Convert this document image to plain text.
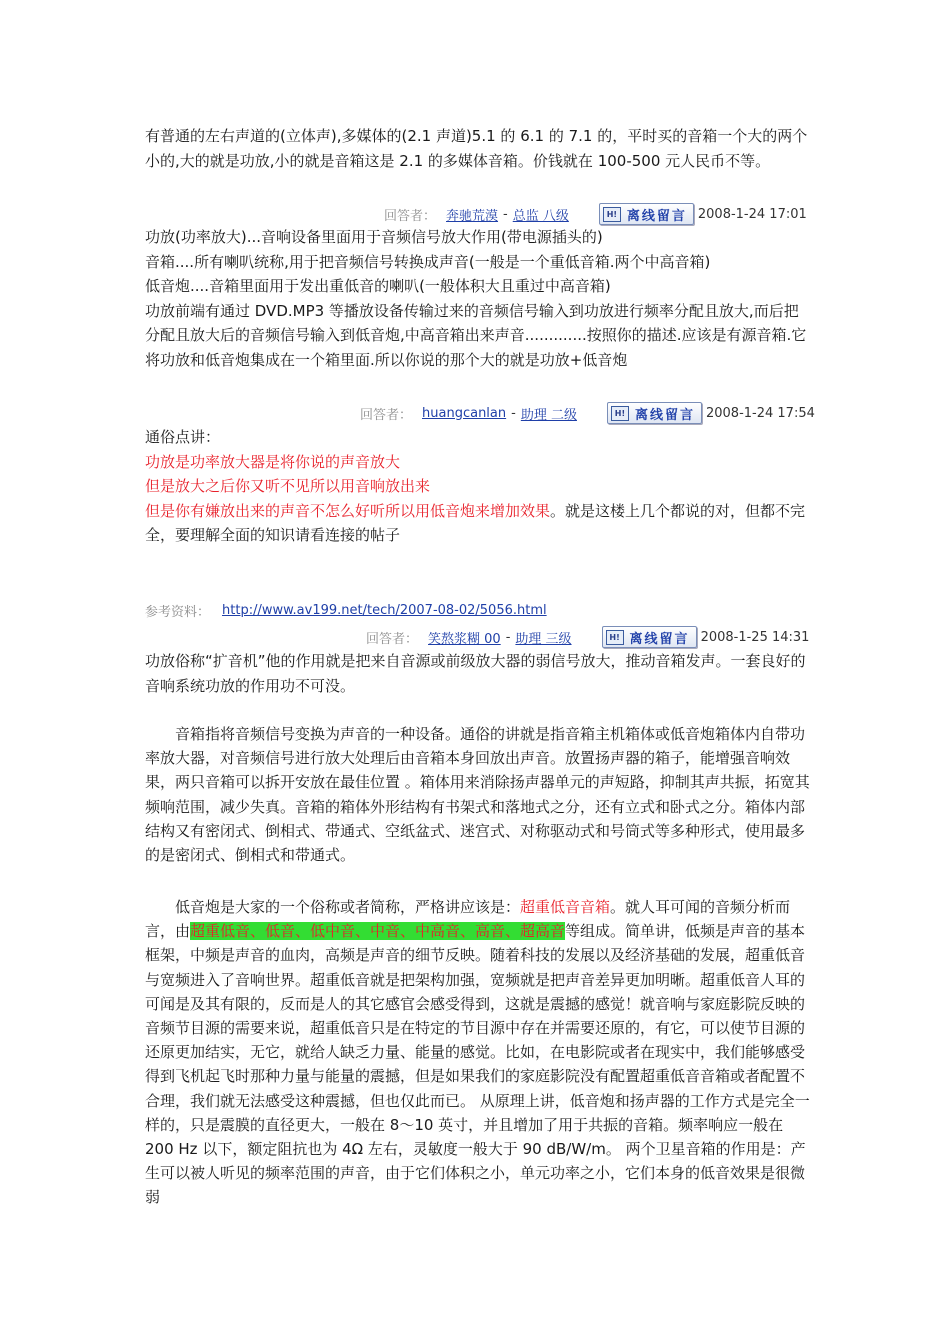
有普通的左右声道的(立体声),多媒体的(2.1 声道)5.1 的 6.1 的 7.1 的，平时买的音箱一个大的两个小的,大的就是功放,小的就是音箱这是 2.1 的多媒体音箱。价钱就在 100-500 元人民币不等。

回答者： 奔驰荒漠 - 总监 八级	H! 离线留言 2008-1-24 17:01
功放(功率放大)...音响设备里面用于音频信号放大作用(带电源插头的)
音箱....所有喇叭统称,用于把音频信号转换成声音(一般是一个重低音箱.两个中高音箱)
低音炮....音箱里面用于发出重低音的喇叭(一般体积大且重过中高音箱)
功放前端有通过 DVD.MP3 等播放设备传输过来的音频信号输入到功放进行频率分配且放大,而后把分配且放大后的音频信号输入到低音炮,中高音箱出来声音.............按照你的描述.应该是有源音箱.它将功放和低音炮集成在一个箱里面.所以你说的那个大的就是功放+低音炮
回答者： huangcanlan - 助理 二级	H! 离线留言 2008-1-24 17:54
通俗点讲：
功放是功率放大器是将你说的声音放大
但是放大之后你又听不见所以用音响放出来
但是你有嫌放出来的声音不怎么好听所以用低音炮来增加效果。就是这楼上几个都说的对，但都不完全，要理解全面的知识请看连接的帖子
参考资料： http://www.av199.net/tech/2007-08-02/5056.html
回答者： 笑熬浆糊 00 - 助理 三级	H! 离线留言 2008-1-25 14:31

功放俗称“扩音机”他的作用就是把来自音源或前级放大器的弱信号放大，推动音箱发声。一套良好的音响系统功放的作用功不可没。

音箱指将音频信号变换为声音的一种设备。通俗的讲就是指音箱主机箱体或低音炮箱体内自带功率放大器，对音频信号进行放大处理后由音箱本身回放出声音。放置扬声器的箱子，能增强音响效果，两只音箱可以拆开安放在最佳位置 。箱体用来消除扬声器单元的声短路，抑制其声共振，拓宽其频响范围，减少失真。音箱的箱体外形结构有书架式和落地式之分，还有立式和卧式之分。箱体内部结构又有密闭式、倒相式、带通式、空纸盆式、迷宫式、对称驱动式和号筒式等多种形式，使用最多的是密闭式、倒相式和带通式。

低音炮是大家的一个俗称或者简称，严格讲应该是：超重低音音箱。就人耳可闻的音频分析而言，由超重低音、低音、低中音、中音、中高音、高音、超高音等组成。简单讲，低频是声音的基本框架，中频是声音的血肉，高频是声音的细节反映。随着科技的发展以及经济基础的发展，超重低音与宽频进入了音响世界。超重低音就是把架构加强，宽频就是把声音差异更加明晰。超重低音人耳的可闻是及其有限的，反而是人的其它感官会感受得到，这就是震撼的感觉！就音响与家庭影院反映的音频节目源的需要来说，超重低音只是在特定的节目源中存在并需要还原的，有它，可以使节目源的还原更加结实，无它，就给人缺乏力量、能量的感觉。比如，在电影院或者在现实中，我们能够感受得到飞机起飞时那种力量与能量的震撼，但是如果我们的家庭影院没有配置超重低音音箱或者配置不合理，我们就无法感受这种震撼，但也仅此而已。 从原理上讲，低音炮和扬声器的工作方式是完全一样的，只是震膜的直径更大，一般在 8～10 英寸，并且增加了用于共振的音箱。频率响应一般在 200 Hz 以下，额定阻抗也为 4Ω 左右，灵敏度一般大于 90 dB/W/m。 两个卫星音箱的作用是：产生可以被人听见的频率范围的声音，由于它们体积之小，单元功率之小，它们本身的低音效果是很微弱
